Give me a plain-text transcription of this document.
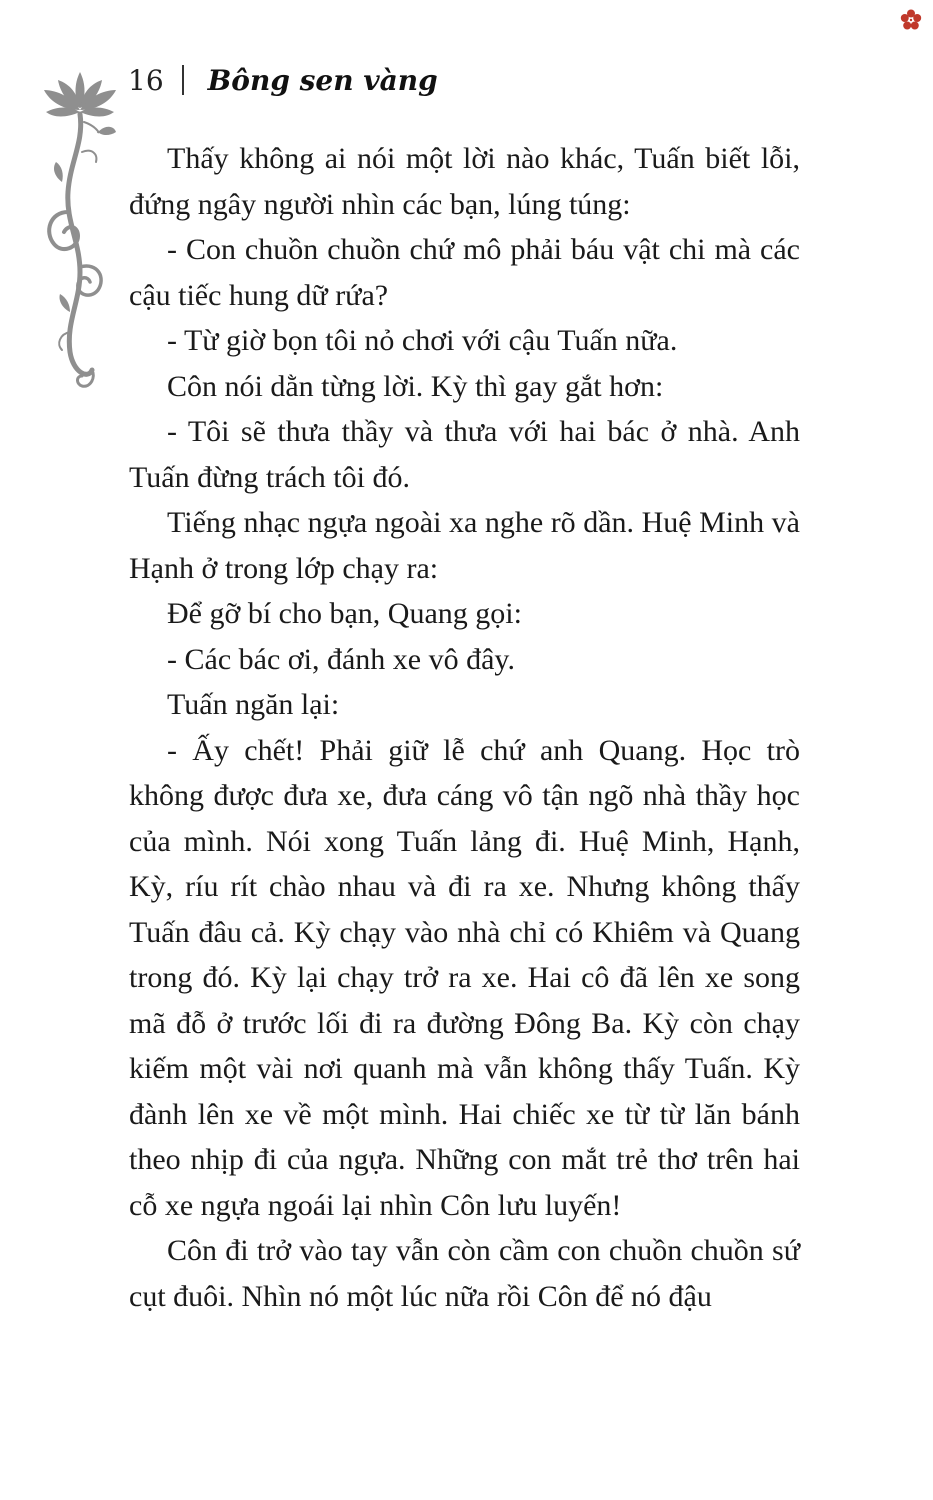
16 Bông sen vàng

Thấy không ai nói một lời nào khác, Tuấn biết lỗi, đứng ngây người nhìn các bạn, lúng túng:

- Con chuồn chuồn chứ mô phải báu vật chi mà các cậu tiếc hung dữ rứa?

- Từ giờ bọn tôi nỏ chơi với cậu Tuấn nữa.

Côn nói dằn từng lời. Kỳ thì gay gắt hơn:

- Tôi sẽ thưa thầy và thưa với hai bác ở nhà. Anh Tuấn đừng trách tôi đó.

Tiếng nhạc ngựa ngoài xa nghe rõ dần. Huệ Minh và Hạnh ở trong lớp chạy ra:

Để gỡ bí cho bạn, Quang gọi:

- Các bác ơi, đánh xe vô đây.

Tuấn ngăn lại:

- Ấy chết! Phải giữ lễ chứ anh Quang. Học trò không được đưa xe, đưa cáng vô tận ngõ nhà thầy học của mình. Nói xong Tuấn lảng đi. Huệ Minh, Hạnh, Kỳ, ríu rít chào nhau và đi ra xe. Nhưng không thấy Tuấn đâu cả. Kỳ chạy vào nhà chỉ có Khiêm và Quang trong đó. Kỳ lại chạy trở ra xe. Hai cô đã lên xe song mã đỗ ở trước lối đi ra đường Đông Ba. Kỳ còn chạy kiếm một vài nơi quanh mà vẫn không thấy Tuấn. Kỳ đành lên xe về một mình. Hai chiếc xe từ từ lăn bánh theo nhịp đi của ngựa. Những con mắt trẻ thơ trên hai cỗ xe ngựa ngoái lại nhìn Côn lưu luyến!

Côn đi trở vào tay vẫn còn cầm con chuồn chuồn sứ cụt đuôi. Nhìn nó một lúc nữa rồi Côn để nó đậu
